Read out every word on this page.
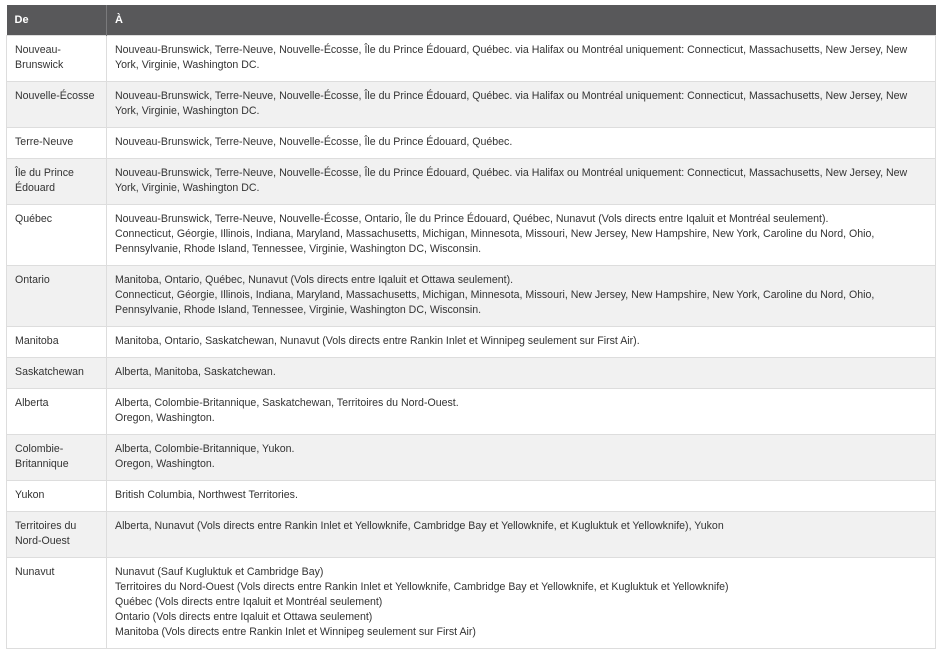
De	À
Nouveau-Brunswick	Nouveau-Brunswick, Terre-Neuve, Nouvelle-Écosse, Île du Prince Édouard, Québec. via Halifax ou Montréal uniquement: Connecticut, Massachusetts, New Jersey, New York, Virginie, Washington DC.

Nouvelle-Écosse	Nouveau-Brunswick, Terre-Neuve, Nouvelle-Écosse, Île du Prince Édouard, Québec. via Halifax ou Montréal uniquement: Connecticut, Massachusetts, New Jersey, New York, Virginie, Washington DC.

Terre-Neuve	Nouveau-Brunswick, Terre-Neuve, Nouvelle-Écosse, Île du Prince Édouard, Québec.

Île du Prince Édouard	Nouveau-Brunswick, Terre-Neuve, Nouvelle-Écosse, Île du Prince Édouard, Québec. via Halifax ou Montréal uniquement: Connecticut, Massachusetts, New Jersey, New York, Virginie, Washington DC.

Québec	Nouveau-Brunswick, Terre-Neuve, Nouvelle-Écosse, Ontario, Île du Prince Édouard, Québec, Nunavut (Vols directs entre Iqaluit et Montréal seulement).
Connecticut, Géorgie, Illinois, Indiana, Maryland, Massachusetts, Michigan, Minnesota, Missouri, New Jersey, New Hampshire, New York, Caroline du Nord, Ohio, Pennsylvanie, Rhode Island, Tennessee, Virginie, Washington DC, Wisconsin.

Ontario	Manitoba, Ontario, Québec, Nunavut (Vols directs entre Iqaluit et Ottawa seulement).
Connecticut, Géorgie, Illinois, Indiana, Maryland, Massachusetts, Michigan, Minnesota, Missouri, New Jersey, New Hampshire, New York, Caroline du Nord, Ohio, Pennsylvanie, Rhode Island, Tennessee, Virginie, Washington DC, Wisconsin.

Manitoba	Manitoba, Ontario, Saskatchewan, Nunavut (Vols directs entre Rankin Inlet et Winnipeg seulement sur First Air).

Saskatchewan	Alberta, Manitoba, Saskatchewan.

Alberta	Alberta, Colombie-Britannique, Saskatchewan, Territoires du Nord-Ouest.
Oregon, Washington.

Colombie-Britannique	Alberta, Colombie-Britannique, Yukon.
Oregon, Washington.

Yukon	British Columbia, Northwest Territories.

Territoires du Nord-Ouest	Alberta, Nunavut (Vols directs entre Rankin Inlet et Yellowknife, Cambridge Bay et Yellowknife, et Kugluktuk et Yellowknife), Yukon

Nunavut	Nunavut (Sauf Kugluktuk et Cambridge Bay)
Territoires du Nord-Ouest (Vols directs entre Rankin Inlet et Yellowknife, Cambridge Bay et Yellowknife, et Kugluktuk et Yellowknife)
Québec (Vols directs entre Iqaluit et Montréal seulement)
Ontario (Vols directs entre Iqaluit et Ottawa seulement)
Manitoba (Vols directs entre Rankin Inlet et Winnipeg seulement sur First Air)
